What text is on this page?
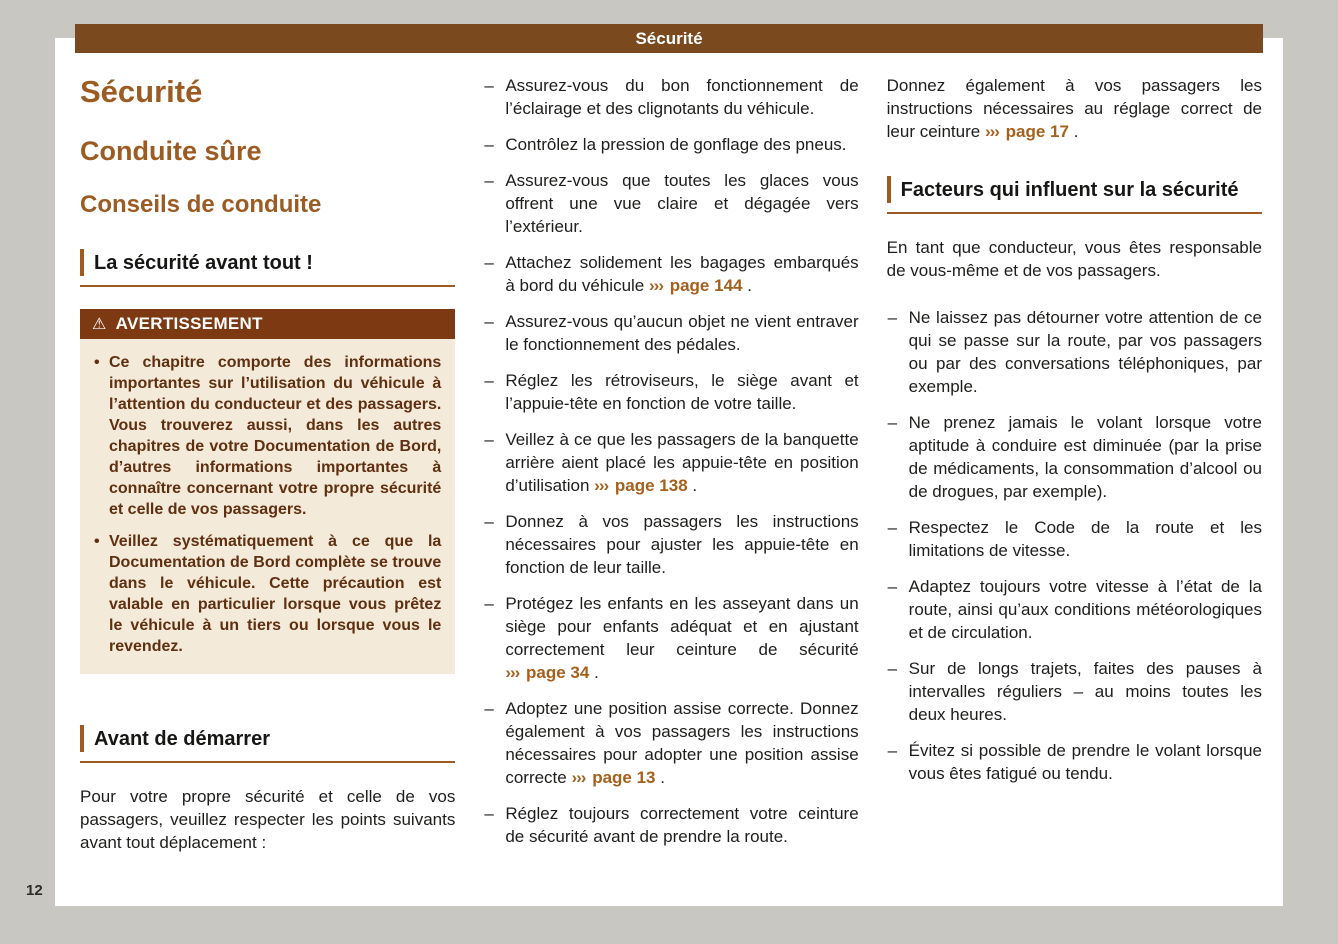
Sécurité
Sécurité
Conduite sûre
Conseils de conduite
La sécurité avant tout !
⚠ AVERTISSEMENT
• Ce chapitre comporte des informations importantes sur l’utilisation du véhicule à l’attention du conducteur et des passagers. Vous trouverez aussi, dans les autres chapitres de votre Documentation de Bord, d’autres informations importantes à connaître concernant votre propre sécurité et celle de vos passagers.
• Veillez systématiquement à ce que la Documentation de Bord complète se trouve dans le véhicule. Cette précaution est valable en particulier lorsque vous prêtez le véhicule à un tiers ou lorsque vous le revendez.
Avant de démarrer

Pour votre propre sécurité et celle de vos passagers, veuillez respecter les points suivants avant tout déplacement :

– Assurez-vous du bon fonctionnement de l’éclairage et des clignotants du véhicule.
– Contrôlez la pression de gonflage des pneus.
– Assurez-vous que toutes les glaces vous offrent une vue claire et dégagée vers l’extérieur.
– Attachez solidement les bagages embarqués à bord du véhicule ››› page 144 .
– Assurez-vous qu’aucun objet ne vient entraver le fonctionnement des pédales.
– Réglez les rétroviseurs, le siège avant et l’appuie-tête en fonction de votre taille.
– Veillez à ce que les passagers de la banquette arrière aient placé les appuie-tête en position d’utilisation ››› page 138 .
– Donnez à vos passagers les instructions nécessaires pour ajuster les appuie-tête en fonction de leur taille.
– Protégez les enfants en les asseyant dans un siège pour enfants adéquat et en ajustant correctement leur ceinture de sécurité ››› page 34 .
– Adoptez une position assise correcte. Donnez également à vos passagers les instructions nécessaires pour adopter une position assise correcte ››› page 13 .
– Réglez toujours correctement votre ceinture de sécurité avant de prendre la route.

Donnez également à vos passagers les instructions nécessaires au réglage correct de leur ceinture ››› page 17 .

Facteurs qui influent sur la sécurité

En tant que conducteur, vous êtes responsable de vous-même et de vos passagers.

– Ne laissez pas détourner votre attention de ce qui se passe sur la route, par vos passagers ou par des conversations téléphoniques, par exemple.
– Ne prenez jamais le volant lorsque votre aptitude à conduire est diminuée (par la prise de médicaments, la consommation d’alcool ou de drogues, par exemple).
– Respectez le Code de la route et les limitations de vitesse.
– Adaptez toujours votre vitesse à l’état de la route, ainsi qu’aux conditions météorologiques et de circulation.
– Sur de longs trajets, faites des pauses à intervalles réguliers – au moins toutes les deux heures.
– Évitez si possible de prendre le volant lorsque vous êtes fatigué ou tendu.
12
